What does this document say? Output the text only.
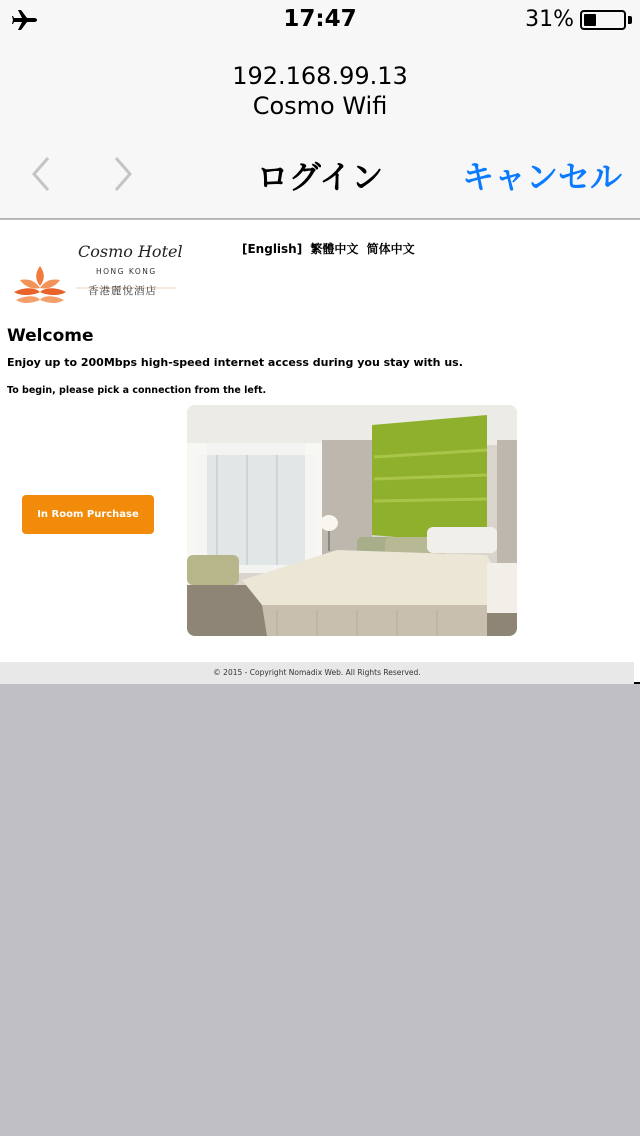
17:47	31%
192.168.99.13
Cosmo Wifi
ログイン	キャンセル
Cosmo Hotel
HONG KONG
香港麗悅酒店
[English] 繁體中文 简体中文
Welcome
Enjoy up to 200Mbps high-speed internet access during you stay with us.
To begin, please pick a connection from the left.
In Room Purchase
© 2015 - Copyright Nomadix Web. All Rights Reserved.
